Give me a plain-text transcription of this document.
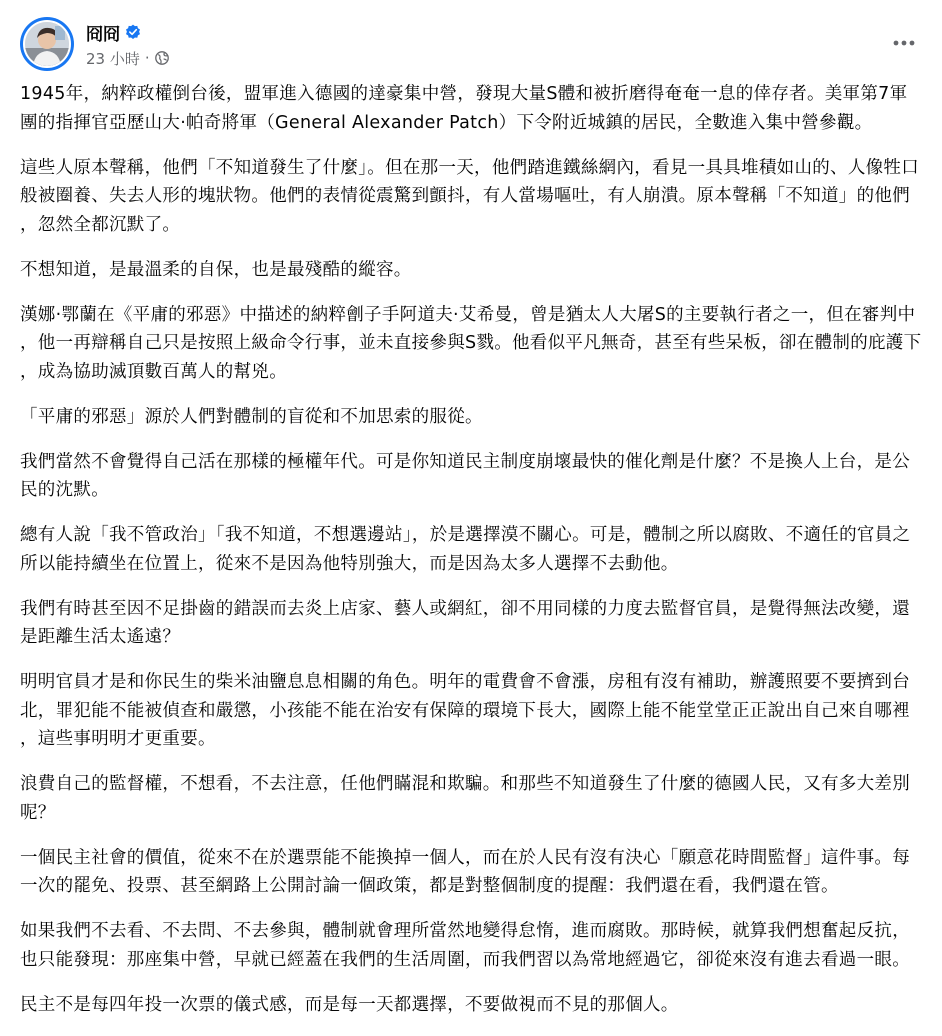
冏冏
23 小時 ·

1945年，納粹政權倒台後，盟軍進入德國的達豪集中營，發現大量S體和被折磨得奄奄一息的倖存者。美軍第7軍團的指揮官亞歷山大·帕奇將軍（General Alexander Patch）下令附近城鎮的居民，全數進入集中營參觀。

這些人原本聲稱，他們「不知道發生了什麼」。但在那一天，他們踏進鐵絲網內，看見一具具堆積如山的、人像牲口般被圈養、失去人形的塊狀物。他們的表情從震驚到顫抖，有人當場嘔吐，有人崩潰。原本聲稱「不知道」的他們，忽然全都沉默了。

不想知道，是最溫柔的自保，也是最殘酷的縱容。

漢娜·鄂蘭在《平庸的邪惡》中描述的納粹劊子手阿道夫·艾希曼，曾是猶太人大屠S的主要執行者之一，但在審判中，他一再辯稱自己只是按照上級命令行事，並未直接參與S戮。他看似平凡無奇，甚至有些呆板，卻在體制的庇護下，成為協助滅頂數百萬人的幫兇。

「平庸的邪惡」源於人們對體制的盲從和不加思索的服從。

我們當然不會覺得自己活在那樣的極權年代。可是你知道民主制度崩壞最快的催化劑是什麼？不是換人上台，是公民的沈默。

總有人說「我不管政治」「我不知道，不想選邊站」，於是選擇漠不關心。可是，體制之所以腐敗、不適任的官員之所以能持續坐在位置上，從來不是因為他特別強大，而是因為太多人選擇不去動他。

我們有時甚至因不足掛齒的錯誤而去炎上店家、藝人或網紅，卻不用同樣的力度去監督官員，是覺得無法改變，還是距離生活太遙遠？

明明官員才是和你民生的柴米油鹽息息相關的角色。明年的電費會不會漲，房租有沒有補助，辦護照要不要擠到台北，罪犯能不能被偵查和嚴懲，小孩能不能在治安有保障的環境下長大，國際上能不能堂堂正正說出自己來自哪裡，這些事明明才更重要。

浪費自己的監督權，不想看，不去注意，任他們瞞混和欺騙。和那些不知道發生了什麼的德國人民，又有多大差別呢？

一個民主社會的價值，從來不在於選票能不能換掉一個人，而在於人民有沒有決心「願意花時間監督」這件事。每一次的罷免、投票、甚至網路上公開討論一個政策，都是對整個制度的提醒：我們還在看，我們還在管。

如果我們不去看、不去問、不去參與，體制就會理所當然地變得怠惰，進而腐敗。那時候，就算我們想奮起反抗，也只能發現：那座集中營，早就已經蓋在我們的生活周圍，而我們習以為常地經過它，卻從來沒有進去看過一眼。

民主不是每四年投一次票的儀式感，而是每一天都選擇，不要做視而不見的那個人。
